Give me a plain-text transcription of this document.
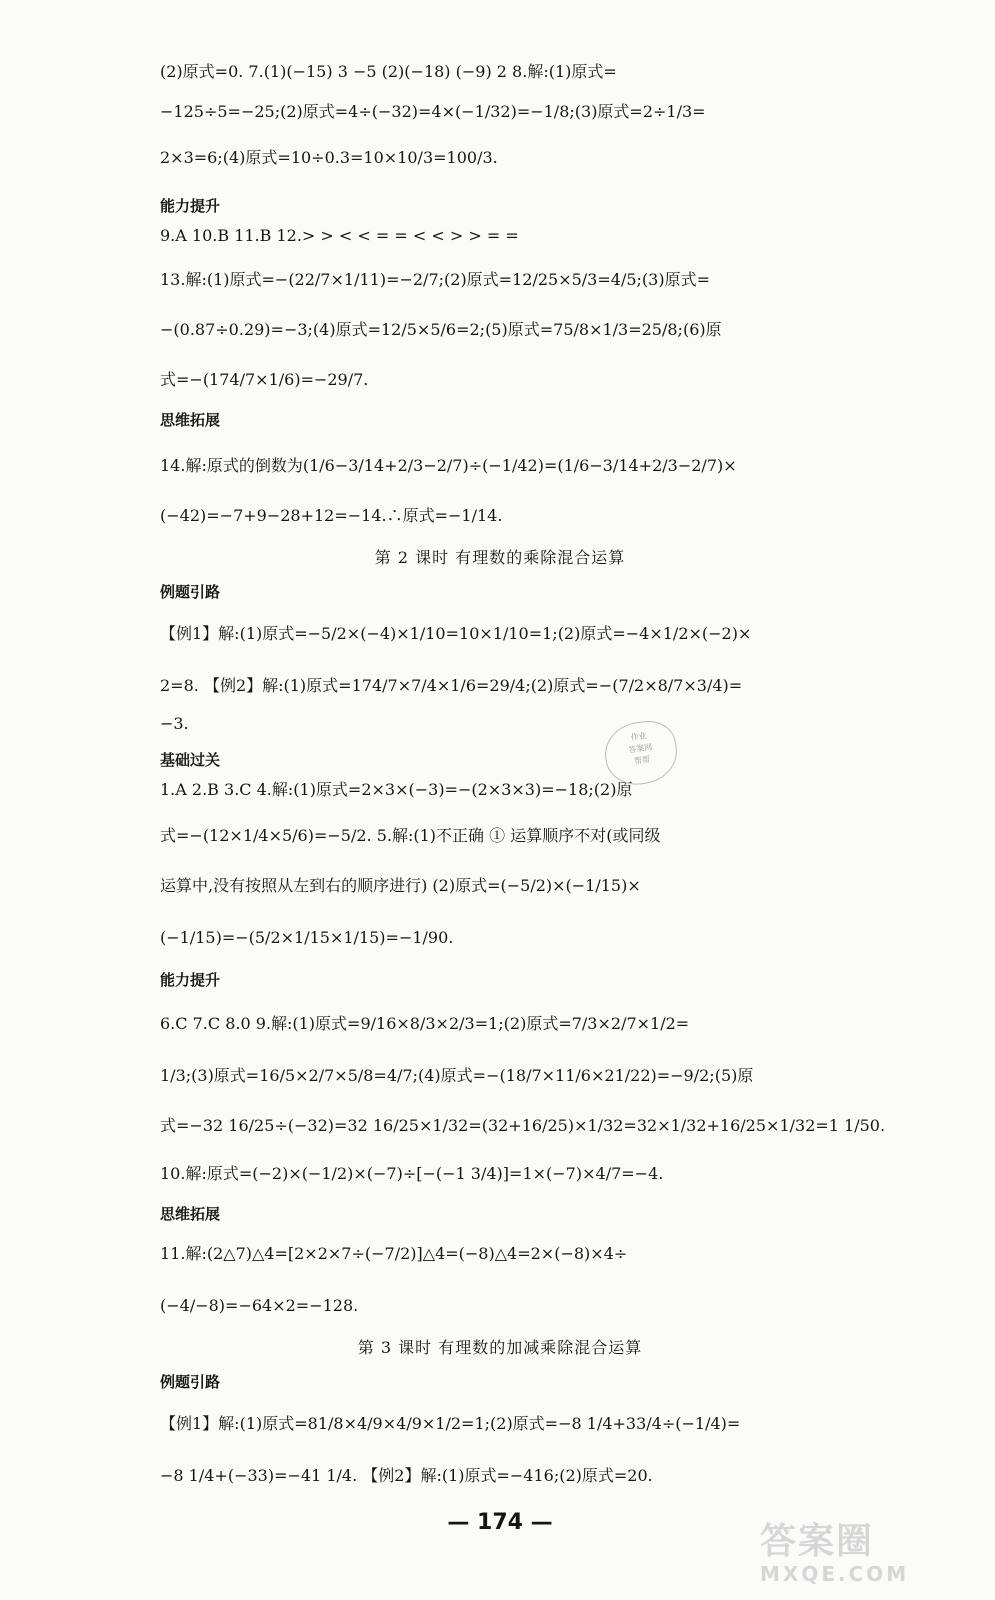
(2)原式=0. 7.(1)(−15) 3 −5 (2)(−18) (−9) 2 8.解:(1)原式=
−125÷5=−25;(2)原式=4÷(−32)=4×(−1/32)=−1/8;(3)原式=2÷1/3=
2×3=6;(4)原式=10÷0.3=10×10/3=100/3.
能力提升
9.A 10.B 11.B 12.> > < < = = < < > > = =
13.解:(1)原式=−(22/7×1/11)=−2/7;(2)原式=12/25×5/3=4/5;(3)原式=
−(0.87÷0.29)=−3;(4)原式=12/5×5/6=2;(5)原式=75/8×1/3=25/8;(6)原
式=−(174/7×1/6)=−29/7.
思维拓展
14.解:原式的倒数为(1/6−3/14+2/3−2/7)÷(−1/42)=(1/6−3/14+2/3−2/7)×
(−42)=−7+9−28+12=−14.∴原式=−1/14.
第 2 课时 有理数的乘除混合运算
例题引路
【例1】解:(1)原式=−5/2×(−4)×1/10=10×1/10=1;(2)原式=−4×1/2×(−2)×
2=8. 【例2】解:(1)原式=174/7×7/4×1/6=29/4;(2)原式=−(7/2×8/7×3/4)=
−3.
基础过关
1.A 2.B 3.C 4.解:(1)原式=2×3×(−3)=−(2×3×3)=−18;(2)原
式=−(12×1/4×5/6)=−5/2. 5.解:(1)不正确 ① 运算顺序不对(或同级
运算中,没有按照从左到右的顺序进行) (2)原式=(−5/2)×(−1/15)×
(−1/15)=−(5/2×1/15×1/15)=−1/90.
能力提升
6.C 7.C 8.0 9.解:(1)原式=9/16×8/3×2/3=1;(2)原式=7/3×2/7×1/2=
1/3;(3)原式=16/5×2/7×5/8=4/7;(4)原式=−(18/7×11/6×21/22)=−9/2;(5)原
式=−32 16/25÷(−32)=32 16/25×1/32=(32+16/25)×1/32=32×1/32+16/25×1/32=1 1/50.
10.解:原式=(−2)×(−1/2)×(−7)÷[−(−1 3/4)]=1×(−7)×4/7=−4.
思维拓展
11.解:(2△7)△4=[2×2×7÷(−7/2)]△4=(−8)△4=2×(−8)×4÷
(−4/−8)=−64×2=−128.
第 3 课时 有理数的加减乘除混合运算
例题引路
【例1】解:(1)原式=81/8×4/9×4/9×1/2=1;(2)原式=−8 1/4+33/4÷(−1/4)=
−8 1/4+(−33)=−41 1/4. 【例2】解:(1)原式=−416;(2)原式=20.
作业
答案网
帮帮
— 174 —	答案圈
MXQE.COM
